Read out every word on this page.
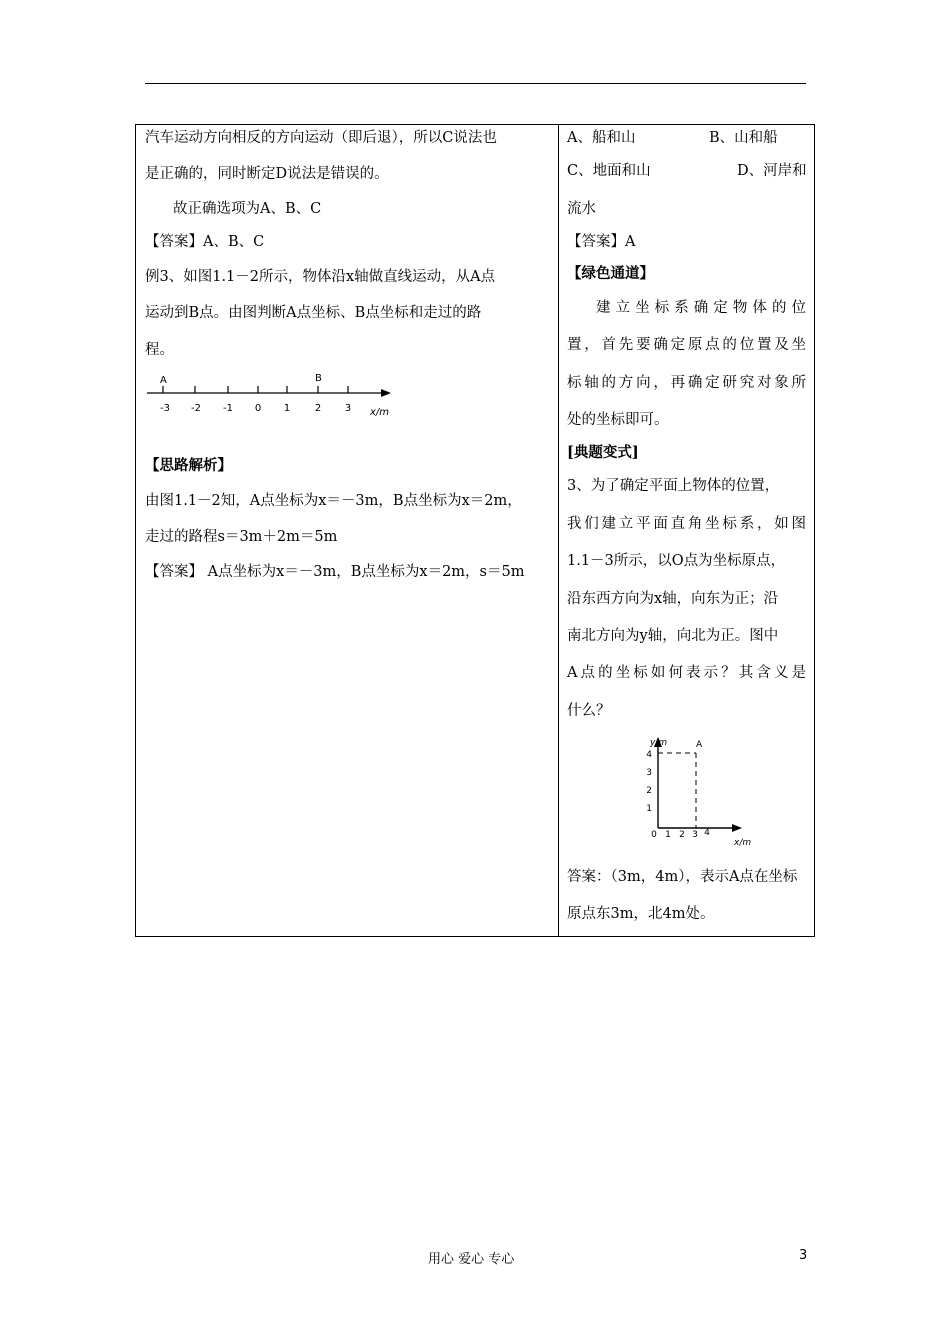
汽车运动方向相反的方向运动（即后退），所以C说法也
是正确的，同时断定D说法是错误的。
故正确选项为A、B、C
【答案】A、B、C
例3、如图1.1－2所示，物体沿x轴做直线运动，从A点
运动到B点。由图判断A点坐标、B点坐标和走过的路
程。
A	B
-3 -2 -1 0 1 2 3 x/m
【思路解析】
由图1.1－2知，A点坐标为x＝－3m，B点坐标为x＝2m，
走过的路程s＝3m＋2m＝5m
【答案】 A点坐标为x＝－3m，B点坐标为x＝2m，s＝5m
A、船和山	B、山和船
C、地面和山	D、河岸和
流水
【答案】A
【绿色通道】
建立坐标系确定物体的位
置，首先要确定原点的位置及坐
标轴的方向，再确定研究对象所
处的坐标即可。
[典题变式]
3、为了确定平面上物体的位置，
我们建立平面直角坐标系，如图
1.1－3所示，以O点为坐标原点，
沿东西方向为x轴，向东为正；沿
南北方向为y轴，向北为正。图中
A点的坐标如何表示？其含义是
什么？
y/m	A
4
3
2
1
0 1 2 3 4
x/m
答案：（3m，4m），表示A点在坐标
原点东3m，北4m处。
用心 爱心 专心	3
